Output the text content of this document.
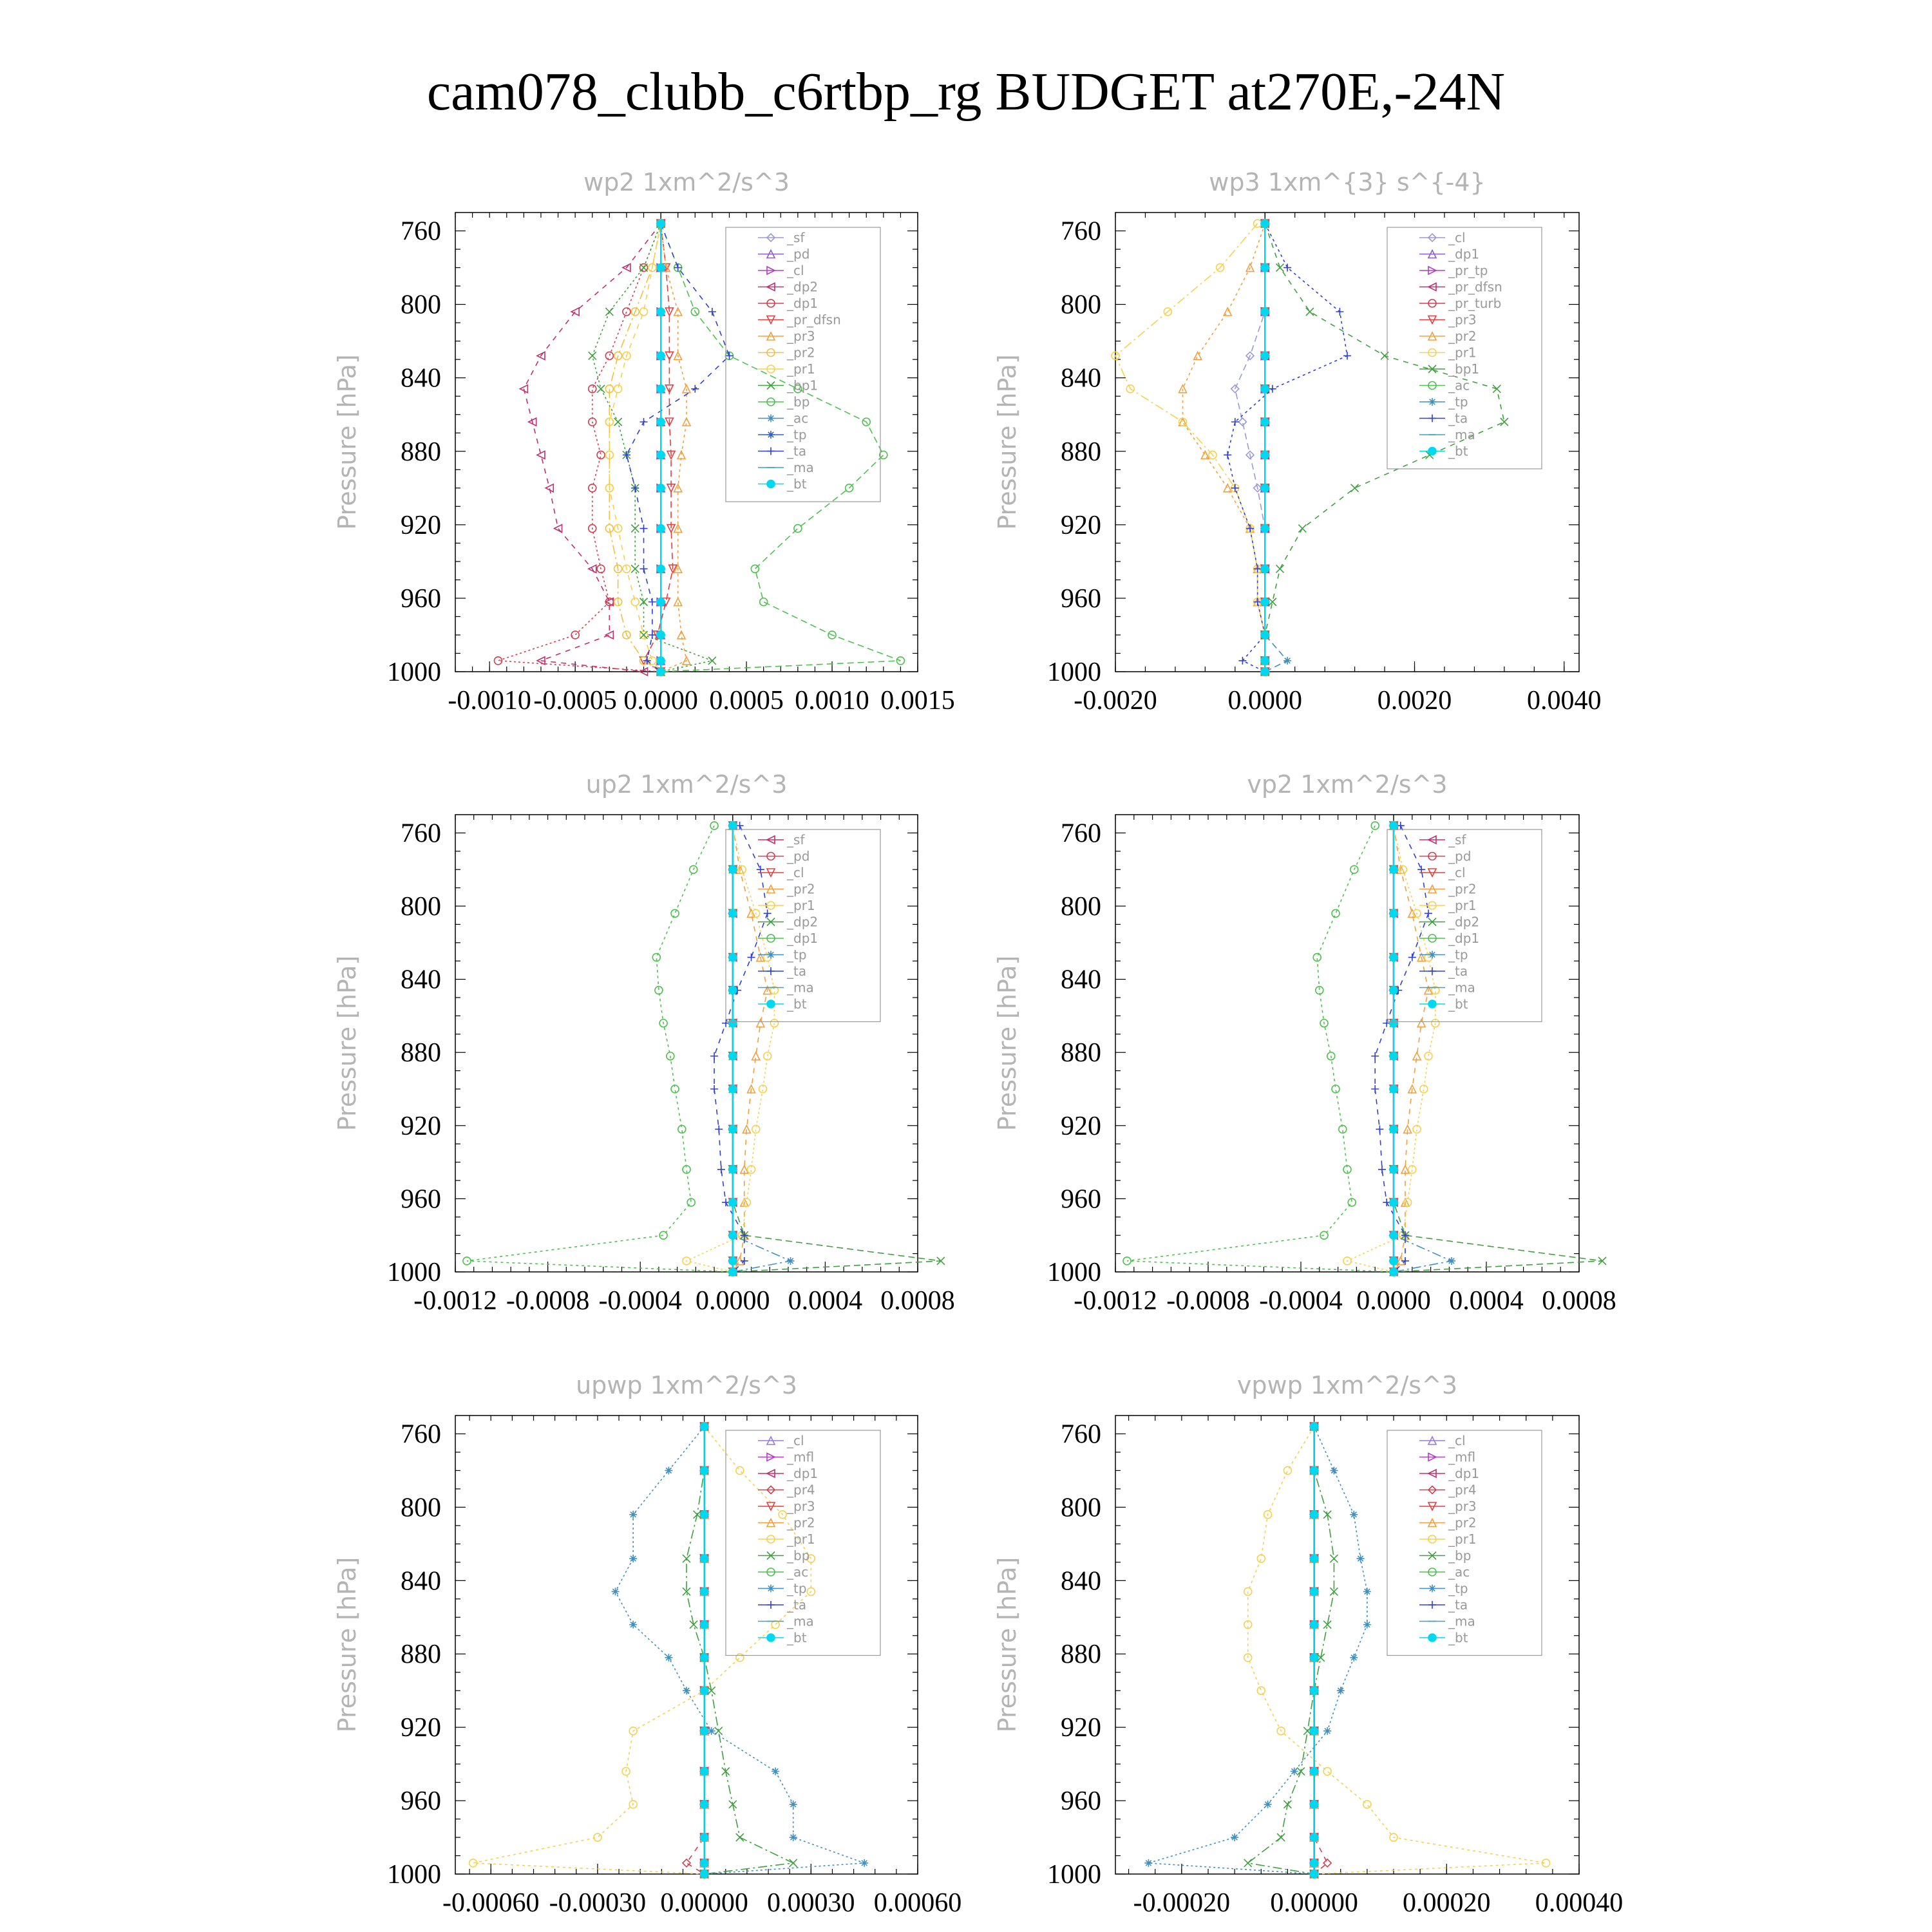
cam078_clubb_c6rtbp_rg BUDGET at270E,-24N
wp2 1xm^2/s^3
Pressure [hPa]
760
800
840
880
920
960
1000
-0.0010 -0.0005 0.0000 0.0005 0.0010 0.0015
_sf
_pd
_cl
_dp2
_dp1
_pr_dfsn
_pr3
_pr2
_pr1
_bp1
_bp
_ac
_tp
_ta
_ma
_bt
wp3 1xm^{3} s^{-4}
Pressure [hPa]
760
800
840
880
920
960
1000
-0.0020	0.0000	0.0020	0.0040
_cl
_dp1
_pr_tp
_pr_dfsn
_pr_turb
_pr3
_pr2
_pr1
_bp1
_ac
_tp
_ta
_ma
_bt
up2 1xm^2/s^3
Pressure [hPa]
760
800
840
880
920
960
1000
-0.0012 -0.0008 -0.0004 0.0000 0.0004 0.0008
_sf
_pd
_cl
_pr2
_pr1
_dp2
_dp1
_tp
_ta
_ma
_bt
vp2 1xm^2/s^3
Pressure [hPa]
760
800
840
880
920
960
1000
-0.0012 -0.0008 -0.0004 0.0000 0.0004 0.0008
_sf
_pd
_cl
_pr2
_pr1
_dp2
_dp1
_tp
_ta
_ma
_bt
upwp 1xm^2/s^3
Pressure [hPa]
760
800
840
880
920
960
1000
-0.00060 -0.00030 0.00000 0.00030 0.00060
_cl
_mfl
_dp1
_pr4
_pr3
_pr2
_pr1
_bp
_ac
_tp
_ta
_ma
_bt
vpwp 1xm^2/s^3
Pressure [hPa]
760
800
840
880
920
960
1000
-0.00020 0.00000 0.00020 0.00040
_cl
_mfl
_dp1
_pr4
_pr3
_pr2
_pr1
_bp
_ac
_tp
_ta
_ma
_bt
